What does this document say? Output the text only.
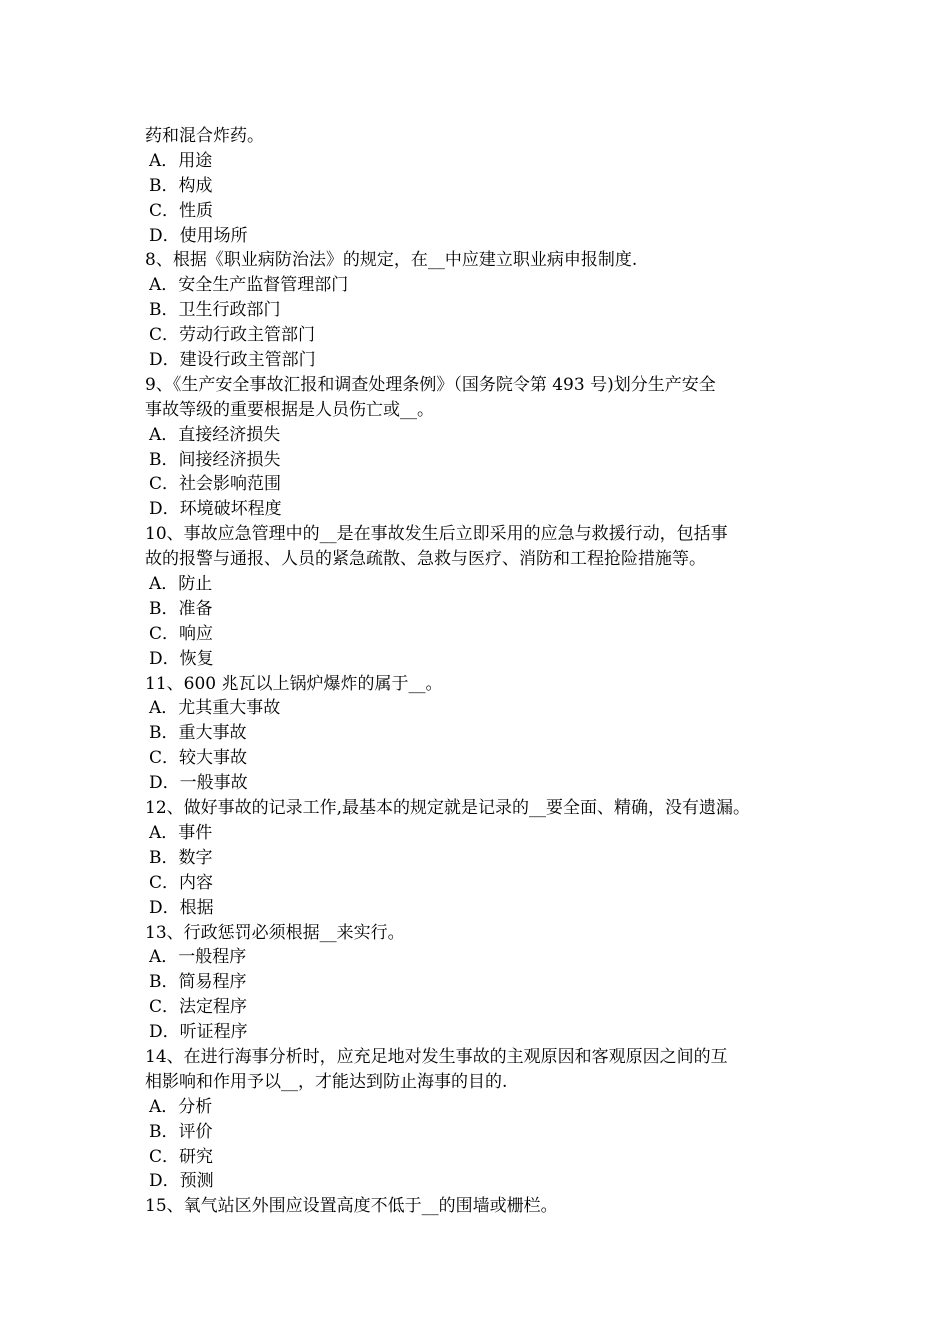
药和混合炸药。

A．用途

B．构成

C．性质

D．使用场所

8、根据《职业病防治法》的规定，在__中应建立职业病申报制度.

A．安全生产监督管理部门

B．卫生行政部门

C．劳动行政主管部门

D．建设行政主管部门

9、《生产安全事故汇报和调查处理条例》（国务院令第 493 号)划分生产安全

事故等级的重要根据是人员伤亡或__。

A．直接经济损失

B．间接经济损失

C．社会影响范围

D．环境破坏程度

10、事故应急管理中的__是在事故发生后立即采用的应急与救援行动，包括事

故的报警与通报、人员的紧急疏散、急救与医疗、消防和工程抢险措施等。

A．防止

B．准备

C．响应

D．恢复

11、600 兆瓦以上锅炉爆炸的属于__。

A．尤其重大事故

B．重大事故

C．较大事故

D．一般事故

12、做好事故的记录工作,最基本的规定就是记录的__要全面、精确，没有遗漏。

A．事件

B．数字

C．内容

D．根据

13、行政惩罚必须根据__来实行。

A．一般程序

B．简易程序

C．法定程序

D．听证程序

14、在进行海事分析时，应充足地对发生事故的主观原因和客观原因之间的互

相影响和作用予以__，才能达到防止海事的目的.

A．分析

B．评价

C．研究

D．预测

15、氧气站区外围应设置高度不低于__的围墙或栅栏。
